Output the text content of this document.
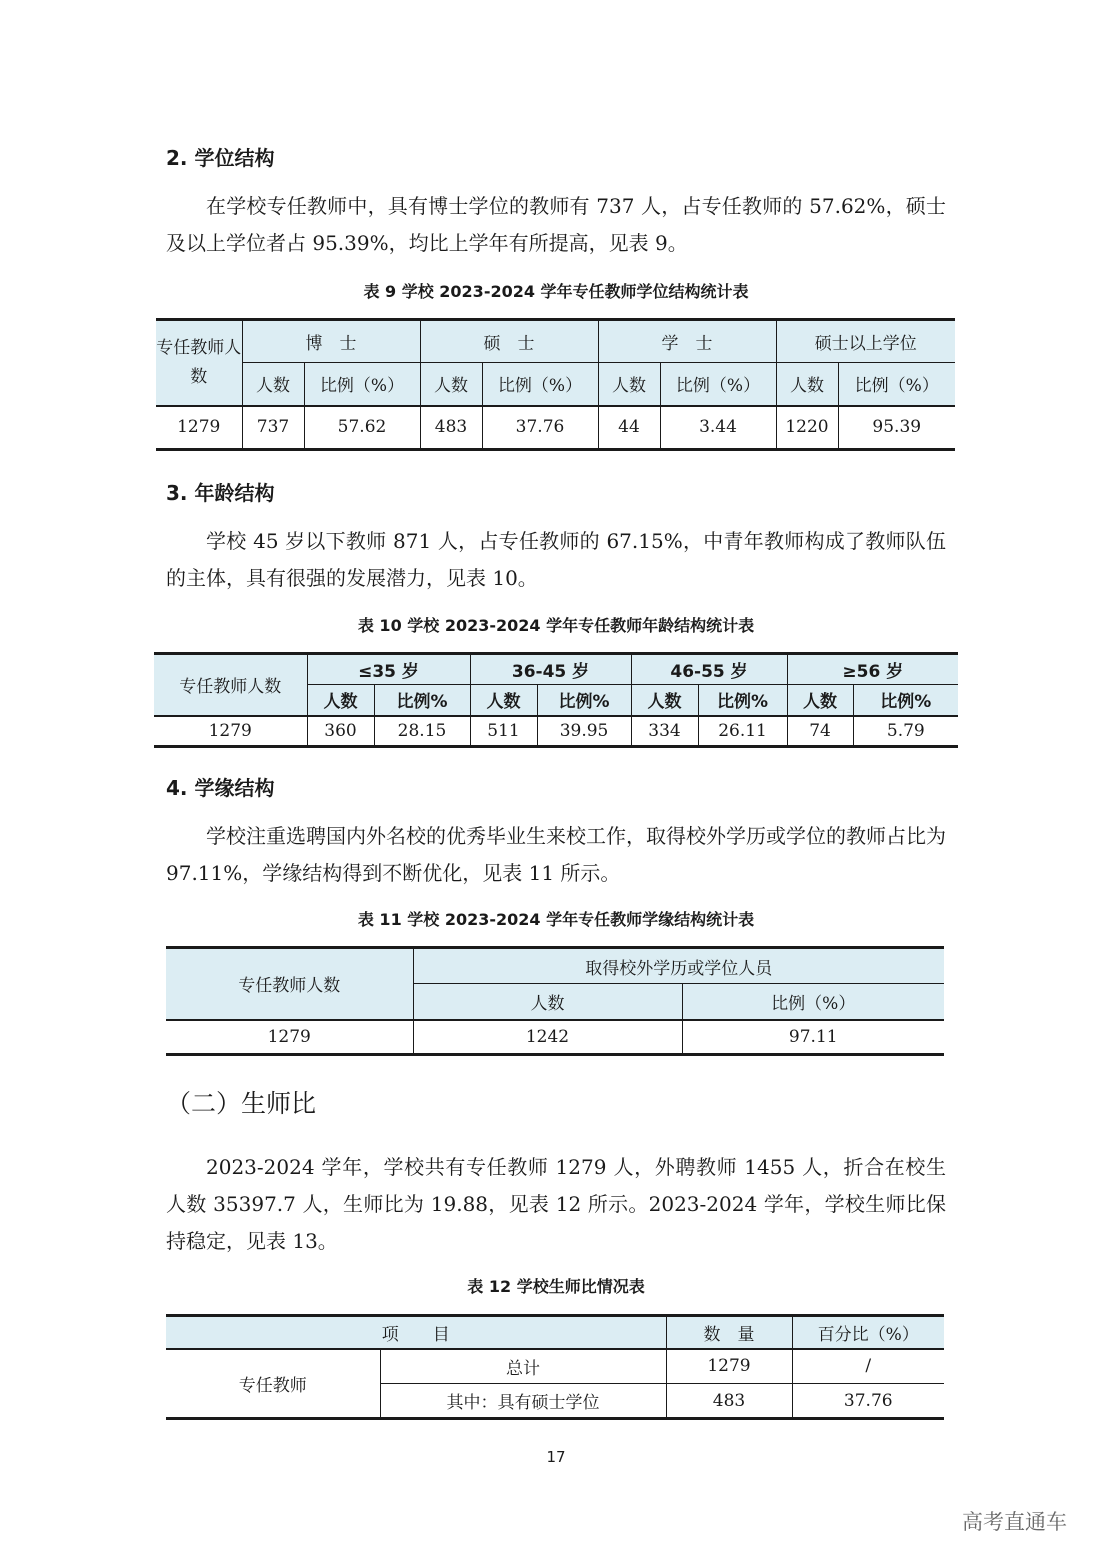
2. 学位结构
在学校专任教师中，具有博士学位的教师有 737 人，占专任教师的 57.62%，硕士及以上学位者占 95.39%，均比上学年有所提高，见表 9。
表 9 学校 2023-2024 学年专任教师学位结构统计表
专任教师人数	博　士		硕　士		学　士		硕士以上学位	
	人数	比例（%）	人数	比例（%）	人数	比例（%）	人数	比例（%）
1279	737	57.62	483	37.76	44	3.44	1220	95.39
3. 年龄结构
学校 45 岁以下教师 871 人，占专任教师的 67.15%，中青年教师构成了教师队伍的主体，具有很强的发展潜力，见表 10。
表 10 学校 2023-2024 学年专任教师年龄结构统计表
专任教师人数	≤35 岁		36-45 岁		46-55 岁		≥56 岁	
	人数	比例%	人数	比例%	人数	比例%	人数	比例%
1279	360	28.15	511	39.95	334	26.11	74	5.79
4. 学缘结构
学校注重选聘国内外名校的优秀毕业生来校工作，取得校外学历或学位的教师占比为 97.11%，学缘结构得到不断优化，见表 11 所示。
表 11 学校 2023-2024 学年专任教师学缘结构统计表
专任教师人数	取得校外学历或学位人员	
	人数	比例（%）
1279	1242	97.11
（二）生师比
2023-2024 学年，学校共有专任教师 1279 人，外聘教师 1455 人，折合在校生人数 35397.7 人，生师比为 19.88，见表 12 所示。2023-2024 学年，学校生师比保持稳定，见表 13。
表 12 学校生师比情况表
项　　目		数　量	百分比（%）
专任教师	总计	1279	/
	其中：具有硕士学位	483	37.76
17
高考直通车
